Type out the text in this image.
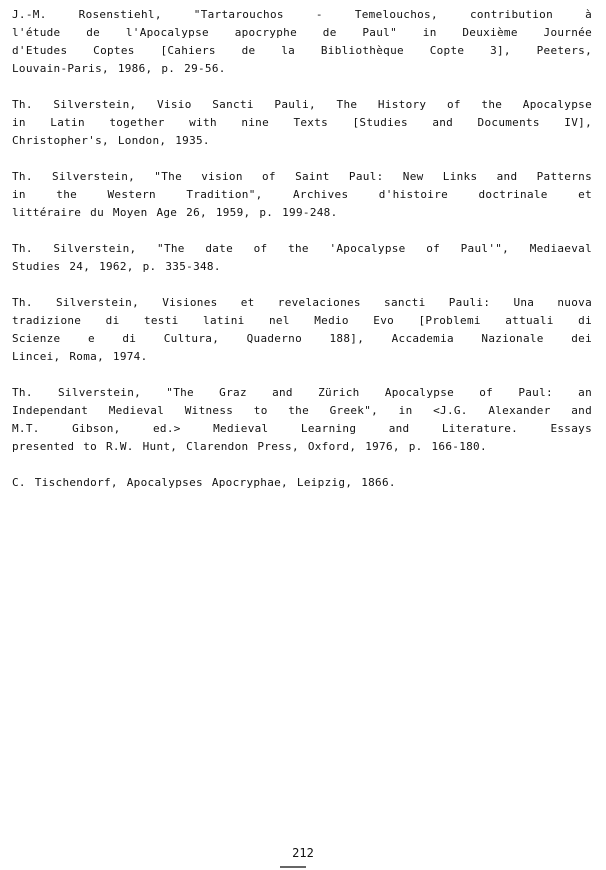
J.-M. Rosenstiehl, "Tartarouchos - Temelouchos, contribution à
l'étude de l'Apocalypse apocryphe de Paul" in Deuxième Journée
d'Etudes Coptes [Cahiers de la Bibliothèque Copte 3], Peeters,
Louvain-Paris, 1986, p. 29-56.
Th. Silverstein, Visio Sancti Pauli, The History of the Apocalypse
in Latin together with nine Texts [Studies and Documents IV],
Christopher's, London, 1935.
Th. Silverstein, "The vision of Saint Paul: New Links and Patterns
in the Western Tradition", Archives d'histoire doctrinale et
littéraire du Moyen Age 26, 1959, p. 199-248.
Th. Silverstein, "The date of the 'Apocalypse of Paul'", Mediaeval
Studies 24, 1962, p. 335-348.
Th. Silverstein, Visiones et revelaciones sancti Pauli: Una nuova
tradizione di testi latini nel Medio Evo [Problemi attuali di
Scienze e di Cultura, Quaderno 188], Accademia Nazionale dei
Lincei, Roma, 1974.
Th. Silverstein, "The Graz and Zürich Apocalypse of Paul: an
Independant Medieval Witness to the Greek", in <J.G. Alexander and
M.T. Gibson, ed.> Medieval Learning and Literature. Essays
presented to R.W. Hunt, Clarendon Press, Oxford, 1976, p. 166-180.
C. Tischendorf, Apocalypses Apocryphae, Leipzig, 1866.
212
